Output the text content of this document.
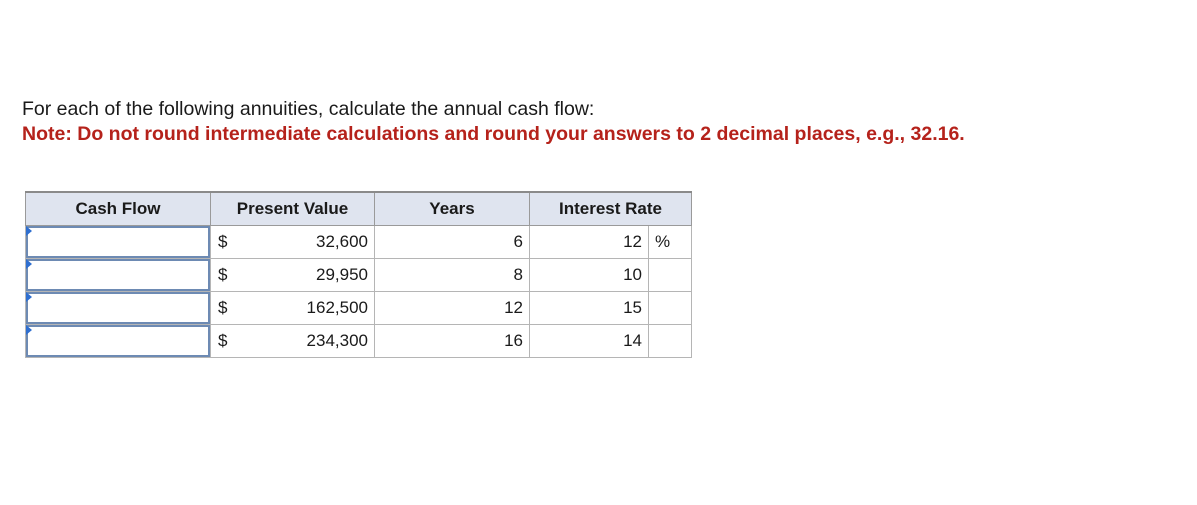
For each of the following annuities, calculate the annual cash flow:
Note: Do not round intermediate calculations and round your answers to 2 decimal places, e.g., 32.16.
Cash Flow	Present Value		Years	Interest Rate	

	$	32,600	6	12	%

	$	29,950	8	10	

	$	162,500	12	15	

	$	234,300	16	14	
